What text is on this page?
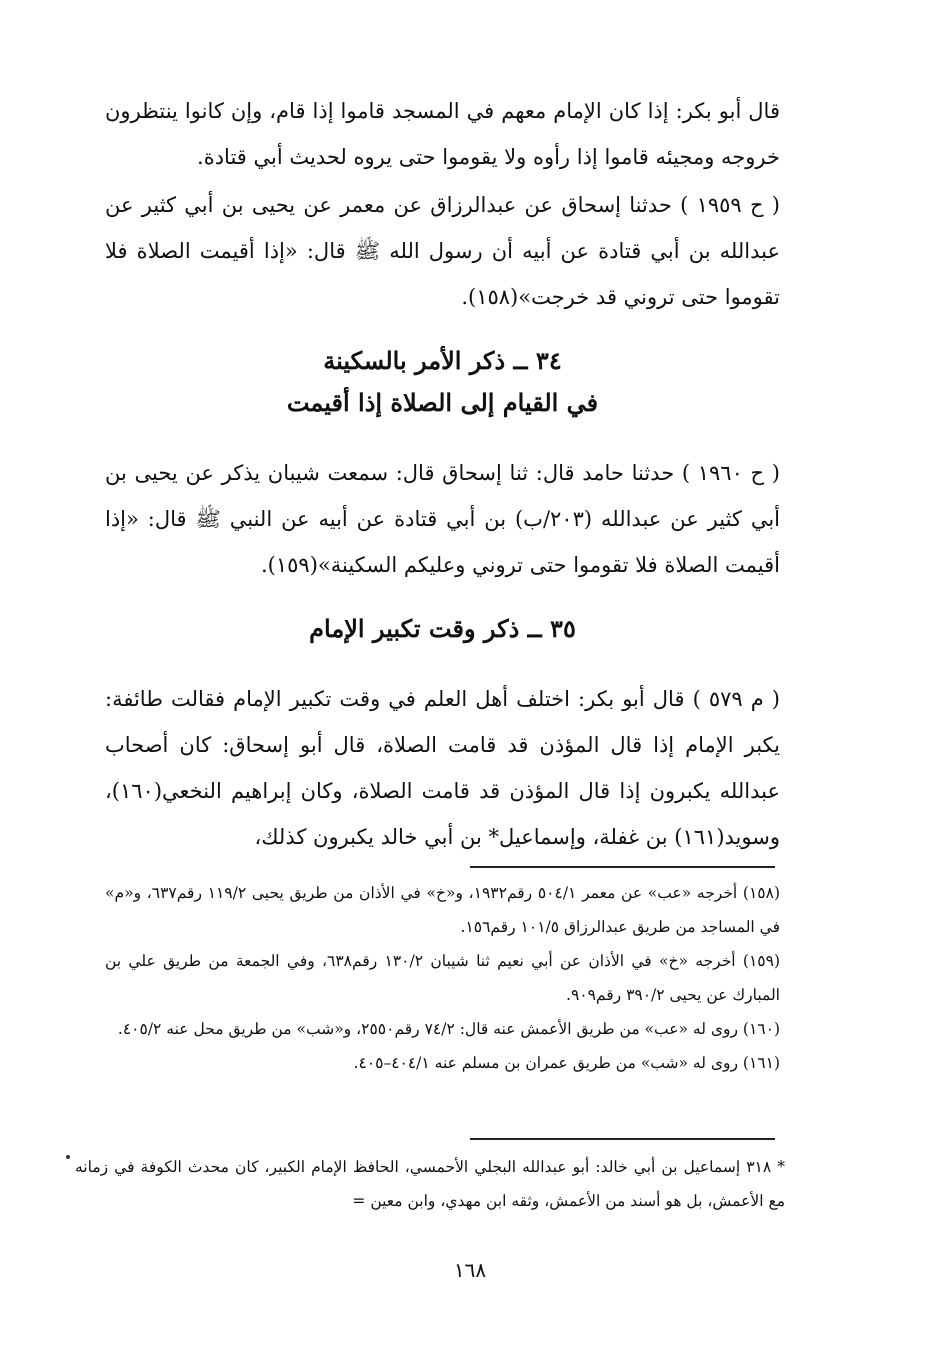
قال أبو بكر: إذا كان الإمام معهم في المسجد قاموا إذا قام، وإن كانوا ينتظرون خروجه ومجيئه قاموا إذا رأوه ولا يقوموا حتى يروه لحديث أبي قتادة.

( ح ١٩٥٩ ) حدثنا إسحاق عن عبدالرزاق عن معمر عن يحيى بن أبي كثير عن عبدالله بن أبي قتادة عن أبيه أن رسول الله ﷺ قال: «إذا أقيمت الصلاة فلا تقوموا حتى تروني قد خرجت»(١٥٨).

٣٤ ــ ذكر الأمر بالسكينة
في القيام إلى الصلاة إذا أقيمت

( ح ١٩٦٠ ) حدثنا حامد قال: ثنا إسحاق قال: سمعت شيبان يذكر عن يحيى بن أبي كثير عن عبدالله (٢٠٣/ب) بن أبي قتادة عن أبيه عن النبي ﷺ قال: «إذا أقيمت الصلاة فلا تقوموا حتى تروني وعليكم السكينة»(١٥٩).

٣٥ ــ ذكر وقت تكبير الإمام

( م ٥٧٩ ) قال أبو بكر: اختلف أهل العلم في وقت تكبير الإمام فقالت طائفة: يكبر الإمام إذا قال المؤذن قد قامت الصلاة، قال أبو إسحاق: كان أصحاب عبدالله يكبرون إذا قال المؤذن قد قامت الصلاة، وكان إبراهيم النخعي(١٦٠)، وسويد(١٦١) بن غفلة، وإسماعيل* بن أبي خالد يكبرون كذلك،

(١٥٨) أخرجه «عب» عن معمر ٥٠٤/١ رقم١٩٣٢، و«خ» في الأذان من طريق يحيى ١١٩/٢ رقم٦٣٧، و«م» في المساجد من طريق عبدالرزاق ١٠١/٥ رقم١٥٦.

(١٥٩) أخرجه «خ» في الأذان عن أبي نعيم ثنا شيبان ١٣٠/٢ رقم٦٣٨، وفي الجمعة من طريق علي بن المبارك عن يحيى ٣٩٠/٢ رقم٩٠٩.

(١٦٠) روى له «عب» من طريق الأعمش عنه قال: ٧٤/٢ رقم٢٥٥٠، و«شب» من طريق محل عنه ٤٠٥/٢.

(١٦١) روى له «شب» من طريق عمران بن مسلم عنه ٤٠٤/١–٤٠٥.

* ٣١٨ إسماعيل بن أبي خالد: أبو عبدالله البجلي الأحمسي، الحافظ الإمام الكبير، كان محدث الكوفة في زمانه مع الأعمش، بل هو أسند من الأعمش، وثقه ابن مهدي، وابن معين =

١٦٨
